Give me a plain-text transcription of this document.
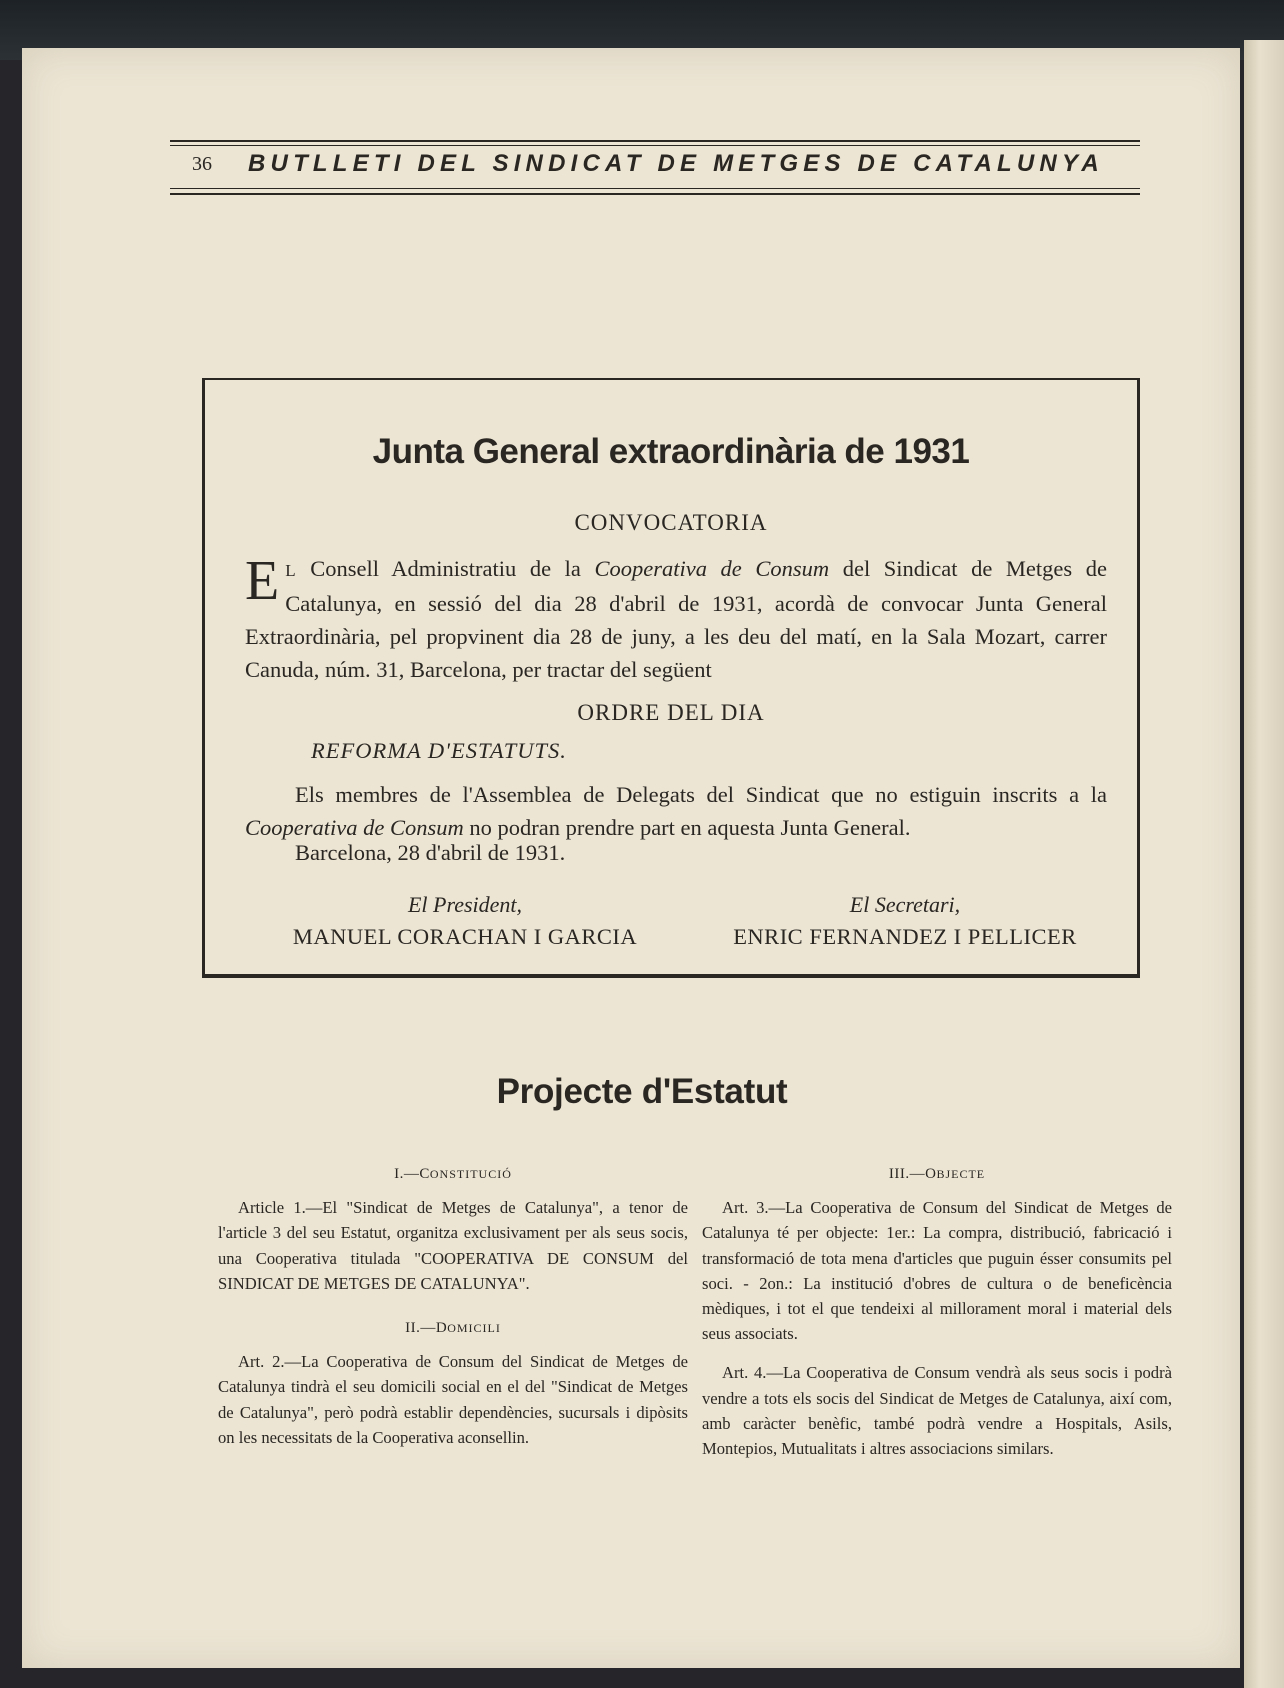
36 BUTLLETI DEL SINDICAT DE METGES DE CATALUNYA
Junta General extraordinària de 1931
CONVOCATORIA
E L Consell Administratiu de la Cooperativa de Consum del Sindicat de Metges de Catalunya, en sessió del dia 28 d'abril de 1931, acordà de convocar Junta General Extraordinària, pel propvinent dia 28 de juny, a les deu del matí, en la Sala Mozart, carrer Canuda, núm. 31, Barcelona, per tractar del següent
ORDRE DEL DIA
REFORMA D'ESTATUTS.
Els membres de l'Assemblea de Delegats del Sindicat que no estiguin inscrits a la Cooperativa de Consum no podran prendre part en aquesta Junta General.
Barcelona, 28 d'abril de 1931.
El President,
MANUEL CORACHAN I GARCIA
El Secretari,
ENRIC FERNANDEZ I PELLICER
Projecte d'Estatut
I.—CONSTITUCIÓ

Article 1.—El "Sindicat de Metges de Catalunya", a tenor de l'article 3 del seu Estatut, organitza exclusivament per als seus socis, una Cooperativa titulada "COOPERATIVA DE CONSUM del SINDICAT DE METGES DE CATALUNYA".

II.—DOMICILI

Art. 2.—La Cooperativa de Consum del Sindicat de Metges de Catalunya tindrà el seu domicili social en el del "Sindicat de Metges de Catalunya", però podrà establir dependències, sucursals i dipòsits on les necessitats de la Cooperativa aconsellin.

III.—OBJECTE

Art. 3.—La Cooperativa de Consum del Sindicat de Metges de Catalunya té per objecte: 1er.: La compra, distribució, fabricació i transformació de tota mena d'articles que puguin ésser consumits pel soci. - 2on.: La institució d'obres de cultura o de beneficència mèdiques, i tot el que tendeixi al millorament moral i material dels seus associats.

Art. 4.—La Cooperativa de Consum vendrà als seus socis i podrà vendre a tots els socis del Sindicat de Metges de Catalunya, així com, amb caràcter benèfic, també podrà vendre a Hospitals, Asils, Montepios, Mutualitats i altres associacions similars.
